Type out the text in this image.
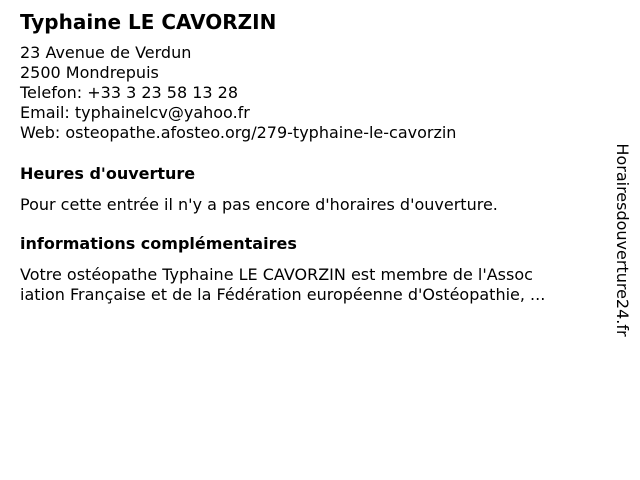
Typhaine LE CAVORZIN
23 Avenue de Verdun
2500 Mondrepuis
Telefon: +33 3 23 58 13 28
Email: typhainelcv@yahoo.fr
Web: osteopathe.afosteo.org/279-typhaine-le-cavorzin
Heures d'ouverture
Pour cette entrée il n'y a pas encore d'horaires d'ouverture.
informations complémentaires
Votre ostéopathe Typhaine LE CAVORZIN est membre de l'Assoc
iation Française et de la Fédération européenne d'Ostéopathie, ...	Horairesdouverture24.fr
